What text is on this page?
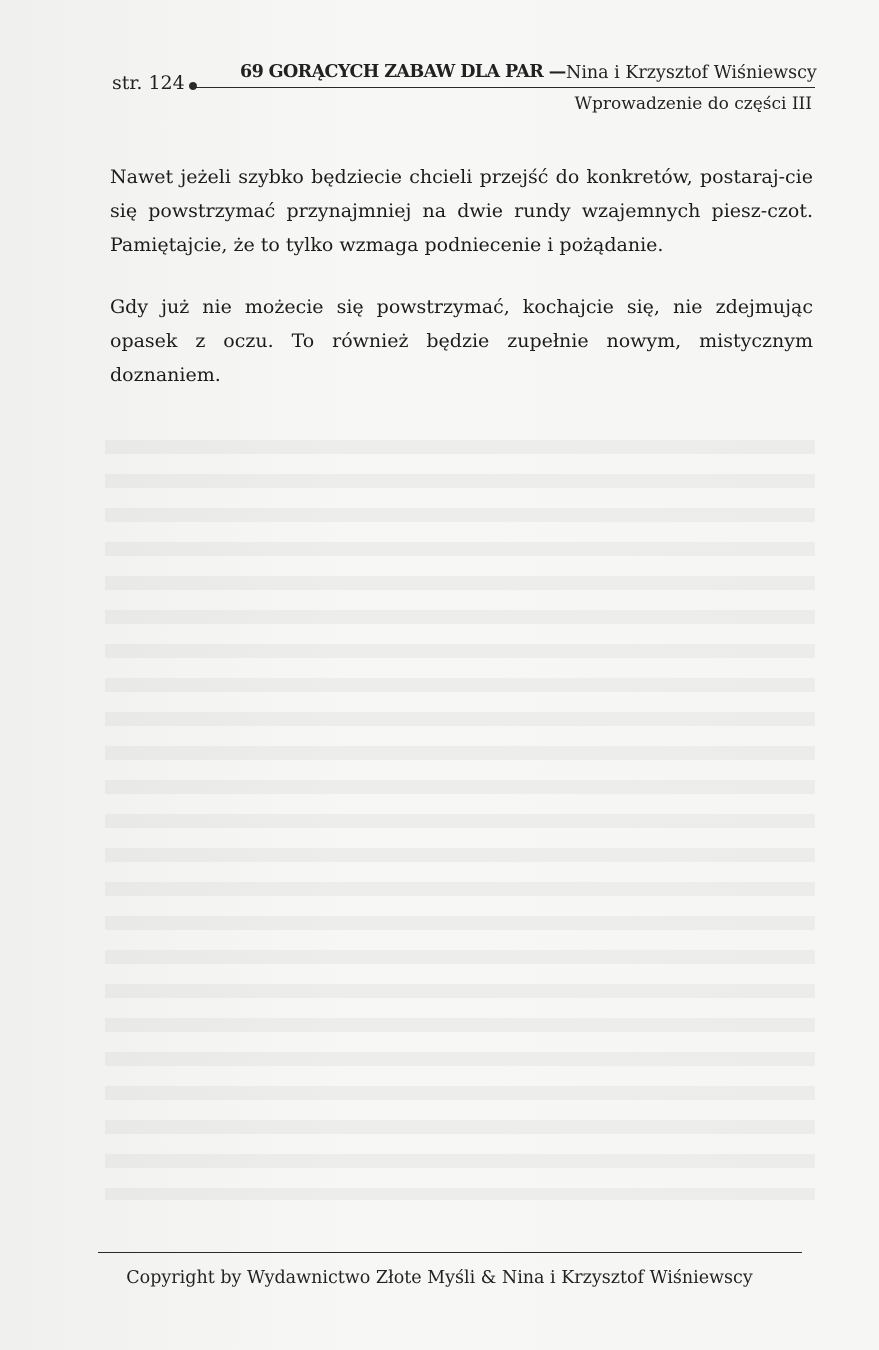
str. 124	69 GORĄCYCH ZABAW DLA PAR — Nina i Krzysztof Wiśniewscy
Wprowadzenie do części III

Nawet jeżeli szybko będziecie chcieli przejść do konkretów, postaraj-cie się powstrzymać przynajmniej na dwie rundy wzajemnych piesz-czot. Pamiętajcie, że to tylko wzmaga podniecenie i pożądanie.

Gdy już nie możecie się powstrzymać, kochajcie się, nie zdejmując opasek z oczu. To również będzie zupełnie nowym, mistycznym doznaniem.

Copyright by Wydawnictwo Złote Myśli & Nina i Krzysztof Wiśniewscy
